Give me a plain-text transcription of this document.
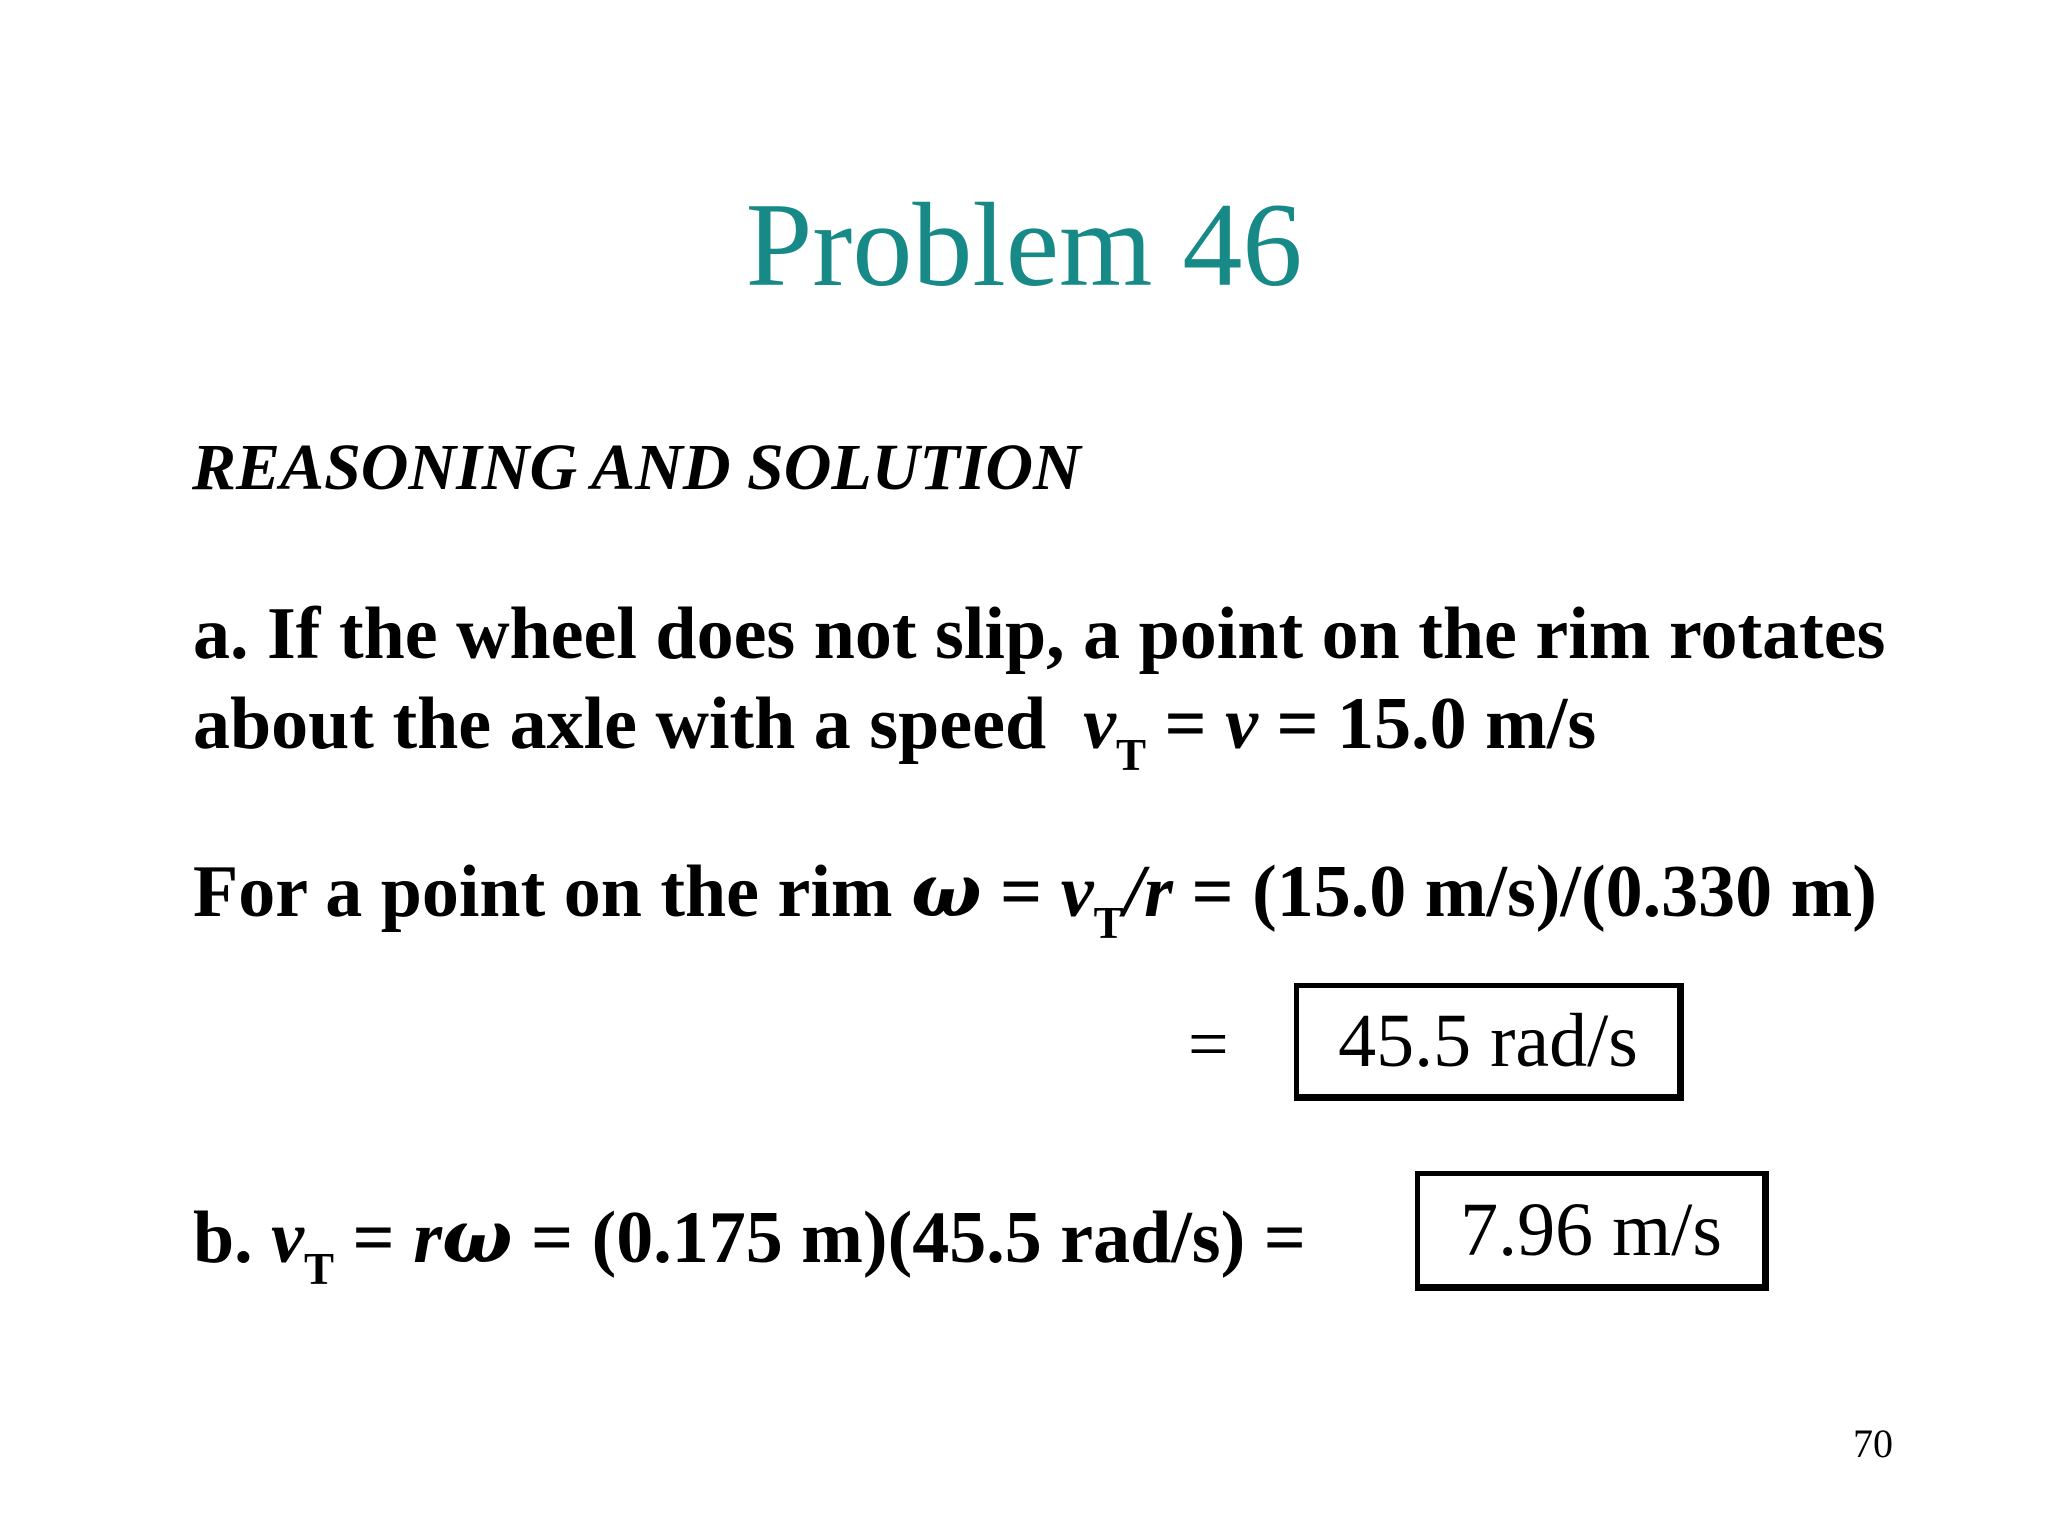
Problem 46
REASONING AND SOLUTION
a. If the wheel does not slip, a point on the rim rotates
about the axle with a speed $v_T = v = 15.0$ m/s
For a point on the rim $\omega = v_T/r = (15.0$ m/s)/(0.330 m)
=	45.5 rad/s
b. $v_T = r\omega = (0.175$ m)(45.5 rad/s) =	7.96 m/s
70
